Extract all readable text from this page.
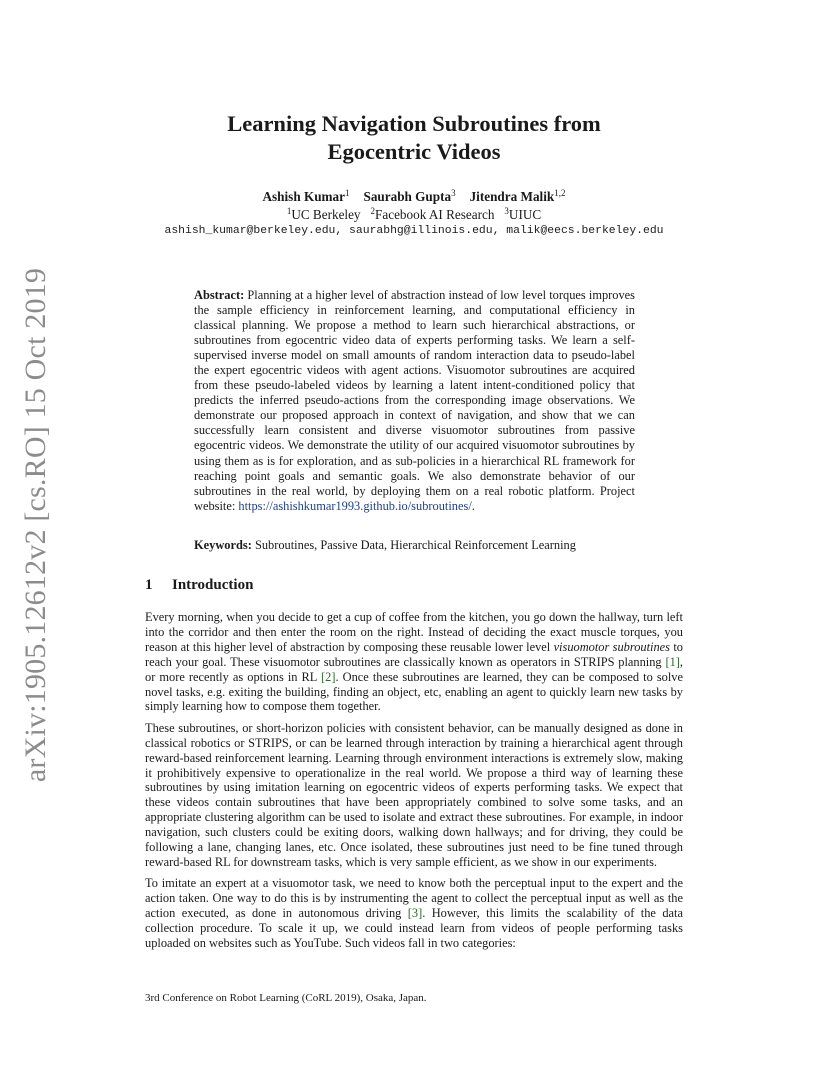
arXiv:1905.12612v2 [cs.RO] 15 Oct 2019
Learning Navigation Subroutines from
Egocentric Videos
Ashish Kumar$^1$ Saurabh Gupta$^3$ Jitendra Malik$^{1,2}$
$^1$UC Berkeley $^2$Facebook AI Research $^3$UIUC
ashish_kumar@berkeley.edu, saurabhg@illinois.edu, malik@eecs.berkeley.edu
Abstract: Planning at a higher level of abstraction instead of low level torques improves the sample efficiency in reinforcement learning, and computational efficiency in classical planning. We propose a method to learn such hierarchical abstractions, or subroutines from egocentric video data of experts performing tasks. We learn a self-supervised inverse model on small amounts of random interaction data to pseudo-label the expert egocentric videos with agent actions. Visuomotor subroutines are acquired from these pseudo-labeled videos by learning a latent intent-conditioned policy that predicts the inferred pseudo-actions from the corresponding image observations. We demonstrate our proposed approach in context of navigation, and show that we can successfully learn consistent and diverse visuomotor subroutines from passive egocentric videos. We demonstrate the utility of our acquired visuomotor subroutines by using them as is for exploration, and as sub-policies in a hierarchical RL framework for reaching point goals and semantic goals. We also demonstrate behavior of our subroutines in the real world, by deploying them on a real robotic platform. Project website: https://ashishkumar1993.github.io/subroutines/.
Keywords: Subroutines, Passive Data, Hierarchical Reinforcement Learning
1 Introduction

Every morning, when you decide to get a cup of coffee from the kitchen, you go down the hallway, turn left into the corridor and then enter the room on the right. Instead of deciding the exact muscle torques, you reason at this higher level of abstraction by composing these reusable lower level visuomotor subroutines to reach your goal. These visuomotor subroutines are classically known as operators in STRIPS planning [1], or more recently as options in RL [2]. Once these subroutines are learned, they can be composed to solve novel tasks, e.g. exiting the building, finding an object, etc, enabling an agent to quickly learn new tasks by simply learning how to compose them together.

These subroutines, or short-horizon policies with consistent behavior, can be manually designed as done in classical robotics or STRIPS, or can be learned through interaction by training a hierarchical agent through reward-based reinforcement learning. Learning through environment interactions is extremely slow, making it prohibitively expensive to operationalize in the real world. We propose a third way of learning these subroutines by using imitation learning on egocentric videos of experts performing tasks. We expect that these videos contain subroutines that have been appropriately combined to solve some tasks, and an appropriate clustering algorithm can be used to isolate and extract these subroutines. For example, in indoor navigation, such clusters could be exiting doors, walking down hallways; and for driving, they could be following a lane, changing lanes, etc. Once isolated, these subroutines just need to be fine tuned through reward-based RL for downstream tasks, which is very sample efficient, as we show in our experiments.

To imitate an expert at a visuomotor task, we need to know both the perceptual input to the expert and the action taken. One way to do this is by instrumenting the agent to collect the perceptual input as well as the action executed, as done in autonomous driving [3]. However, this limits the scalability of the data collection procedure. To scale it up, we could instead learn from videos of people performing tasks uploaded on websites such as YouTube. Such videos fall in two categories:

3rd Conference on Robot Learning (CoRL 2019), Osaka, Japan.
